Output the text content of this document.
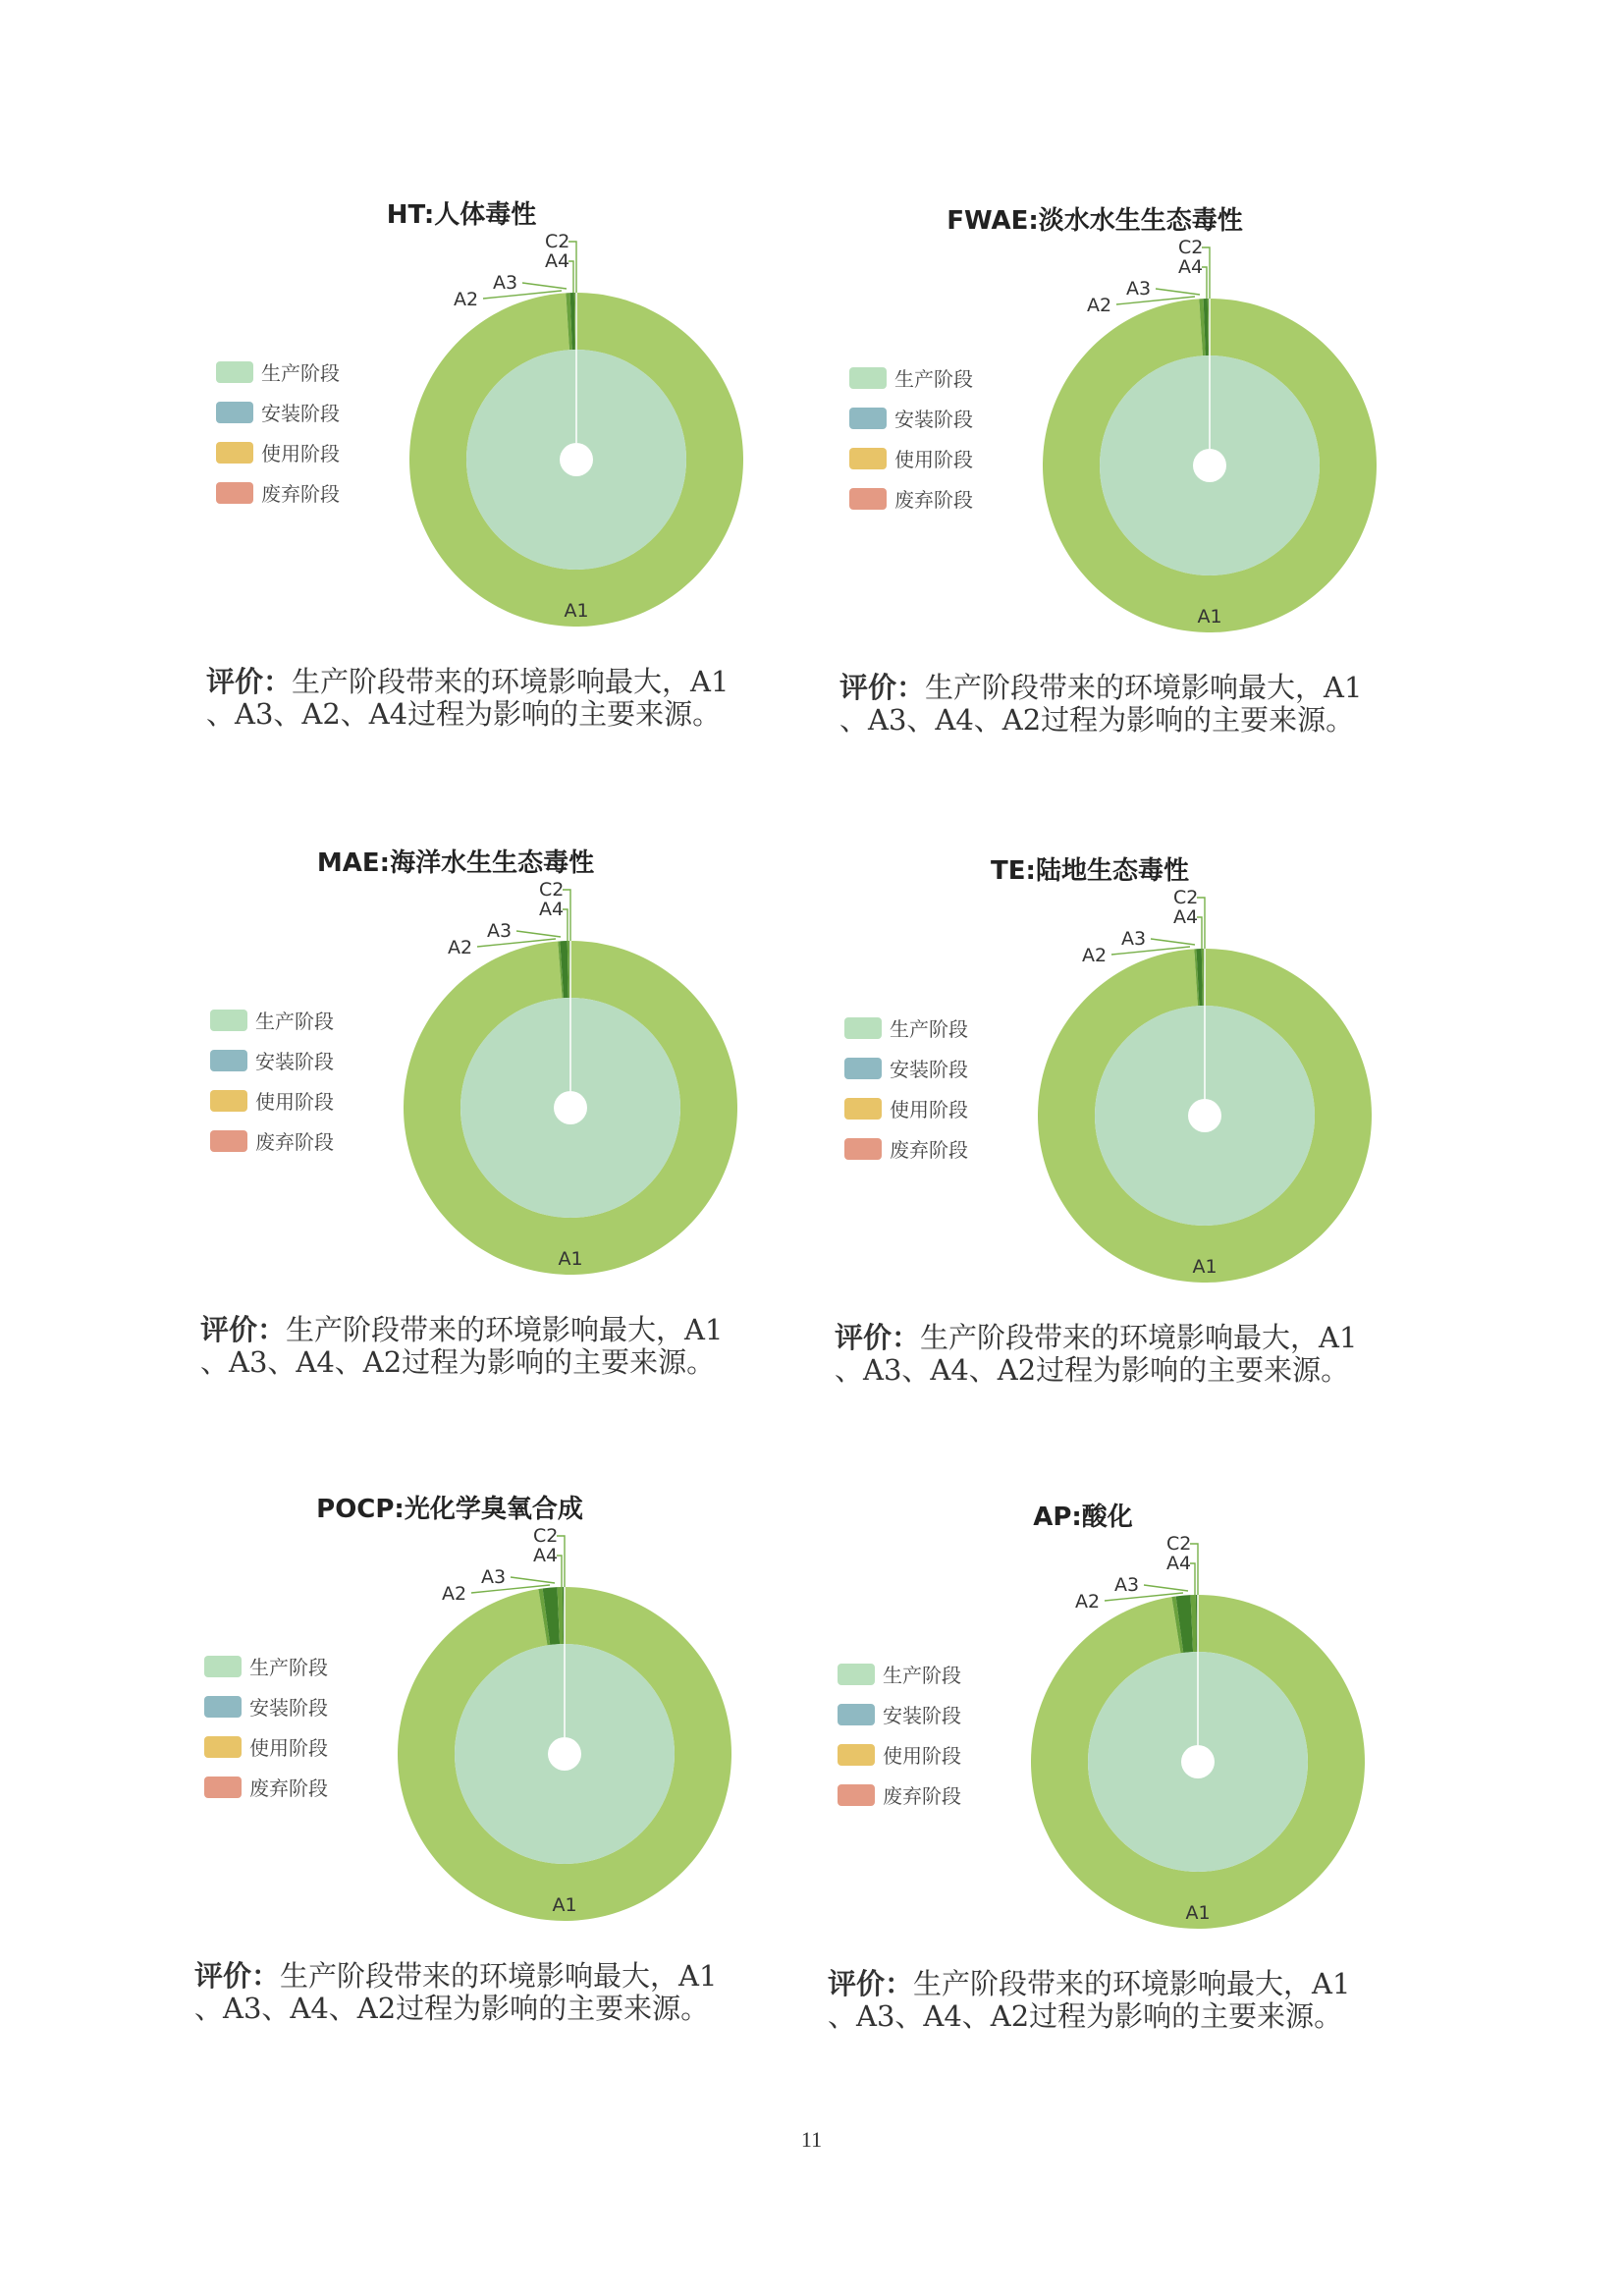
A1
C2
A4
A3
A2
HT:人体毒性
生产阶段
安装阶段
使用阶段
废弃阶段
评价：生产阶段带来的环境影响最大，A1
、A3、A2、A4过程为影响的主要来源。
A1
C2
A4
A3
A2
FWAE:淡水水生生态毒性
生产阶段
安装阶段
使用阶段
废弃阶段
评价：生产阶段带来的环境影响最大，A1
、A3、A4、A2过程为影响的主要来源。
A1
C2
A4
A3
A2
MAE:海洋水生生态毒性
生产阶段
安装阶段
使用阶段
废弃阶段
评价：生产阶段带来的环境影响最大，A1
、A3、A4、A2过程为影响的主要来源。
A1
C2
A4
A3
A2
TE:陆地生态毒性
生产阶段
安装阶段
使用阶段
废弃阶段
评价：生产阶段带来的环境影响最大，A1
、A3、A4、A2过程为影响的主要来源。
A1
C2
A4
A3
A2
POCP:光化学臭氧合成
生产阶段
安装阶段
使用阶段
废弃阶段
评价：生产阶段带来的环境影响最大，A1
、A3、A4、A2过程为影响的主要来源。
A1
C2
A4
A3
A2
AP:酸化
生产阶段
安装阶段
使用阶段
废弃阶段
评价：生产阶段带来的环境影响最大，A1
、A3、A4、A2过程为影响的主要来源。
11
